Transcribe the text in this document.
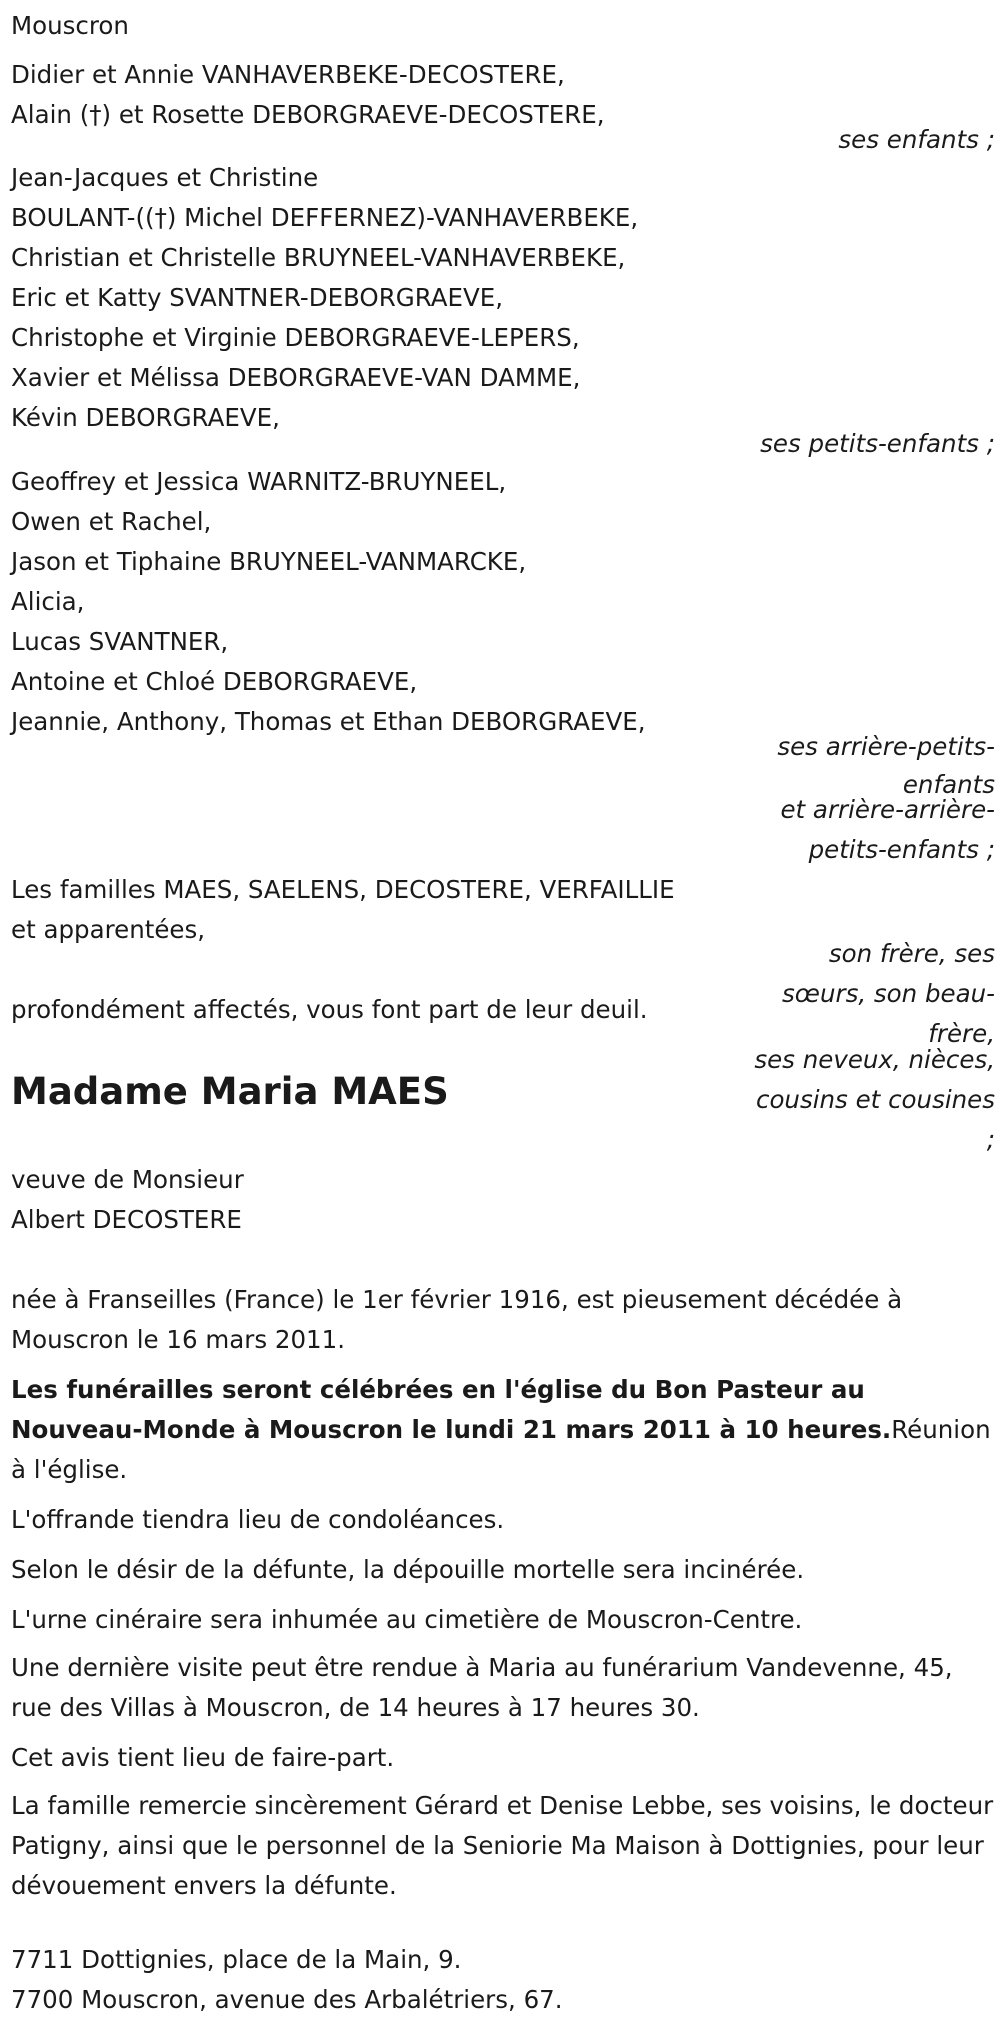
Mouscron
Didier et Annie VANHAVERBEKE-DECOSTERE,
Alain (†) et Rosette DEBORGRAEVE-DECOSTERE,
ses enfants ;
Jean-Jacques et Christine
BOULANT-((†) Michel DEFFERNEZ)-VANHAVERBEKE,
Christian et Christelle BRUYNEEL-VANHAVERBEKE,
Eric et Katty SVANTNER-DEBORGRAEVE,
Christophe et Virginie DEBORGRAEVE-LEPERS,
Xavier et Mélissa DEBORGRAEVE-VAN DAMME,
Kévin DEBORGRAEVE,
ses petits-enfants ;
Geoffrey et Jessica WARNITZ-BRUYNEEL,
Owen et Rachel,
Jason et Tiphaine BRUYNEEL-VANMARCKE,
Alicia,
Lucas SVANTNER,
Antoine et Chloé DEBORGRAEVE,
Jeannie, Anthony, Thomas et Ethan DEBORGRAEVE,
ses arrière-petits-enfants
et arrière-arrière-petits-enfants ;
Les familles MAES, SAELENS, DECOSTERE, VERFAILLIE
et apparentées,
son frère, ses sœurs, son beau-frère,
ses neveux, nièces, cousins et cousines ;
profondément affectés, vous font part de leur deuil.
Madame Maria MAES
veuve de Monsieur
Albert DECOSTERE
née à Franseilles (France) le 1er février 1916, est pieusement décédée à Mouscron le 16 mars 2011.
Les funérailles seront célébrées en l'église du Bon Pasteur au Nouveau-Monde à Mouscron le lundi 21 mars 2011 à 10 heures.Réunion à l'église.
L'offrande tiendra lieu de condoléances.
Selon le désir de la défunte, la dépouille mortelle sera incinérée.
L'urne cinéraire sera inhumée au cimetière de Mouscron-Centre.
Une dernière visite peut être rendue à Maria au funérarium Vandevenne, 45, rue des Villas à Mouscron, de 14 heures à 17 heures 30.
Cet avis tient lieu de faire-part.
La famille remercie sincèrement Gérard et Denise Lebbe, ses voisins, le docteur Patigny, ainsi que le personnel de la Seniorie Ma Maison à Dottignies, pour leur dévouement envers la défunte.
7711 Dottignies, place de la Main, 9.
7700 Mouscron, avenue des Arbalétriers, 67.
